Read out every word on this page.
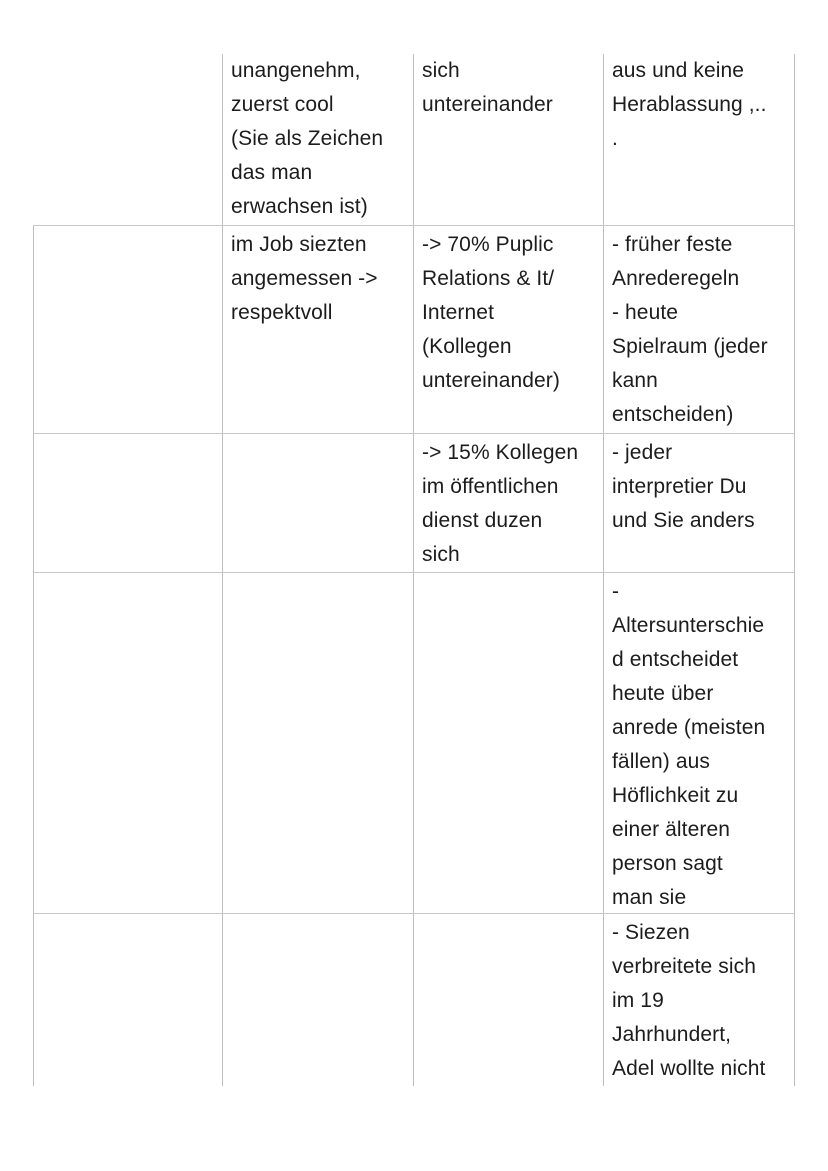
unangenehm,
zuerst cool
(Sie als Zeichen
das man
erwachsen ist)
sich
untereinander
aus und keine
Herablassung ,..
.
im Job siezten
angemessen ->
respektvoll
-> 70% Puplic
Relations & It/
Internet
(Kollegen
untereinander)
- früher feste
Anrederegeln
- heute
Spielraum (jeder
kann
entscheiden)
-> 15% Kollegen
im öffentlichen
dienst duzen
sich
- jeder
interpretier Du
und Sie anders
-
Altersunterschie
d entscheidet
heute über
anrede (meisten
fällen) aus
Höflichkeit zu
einer älteren
person sagt
man sie
- Siezen
verbreitete sich
im 19
Jahrhundert,
Adel wollte nicht
